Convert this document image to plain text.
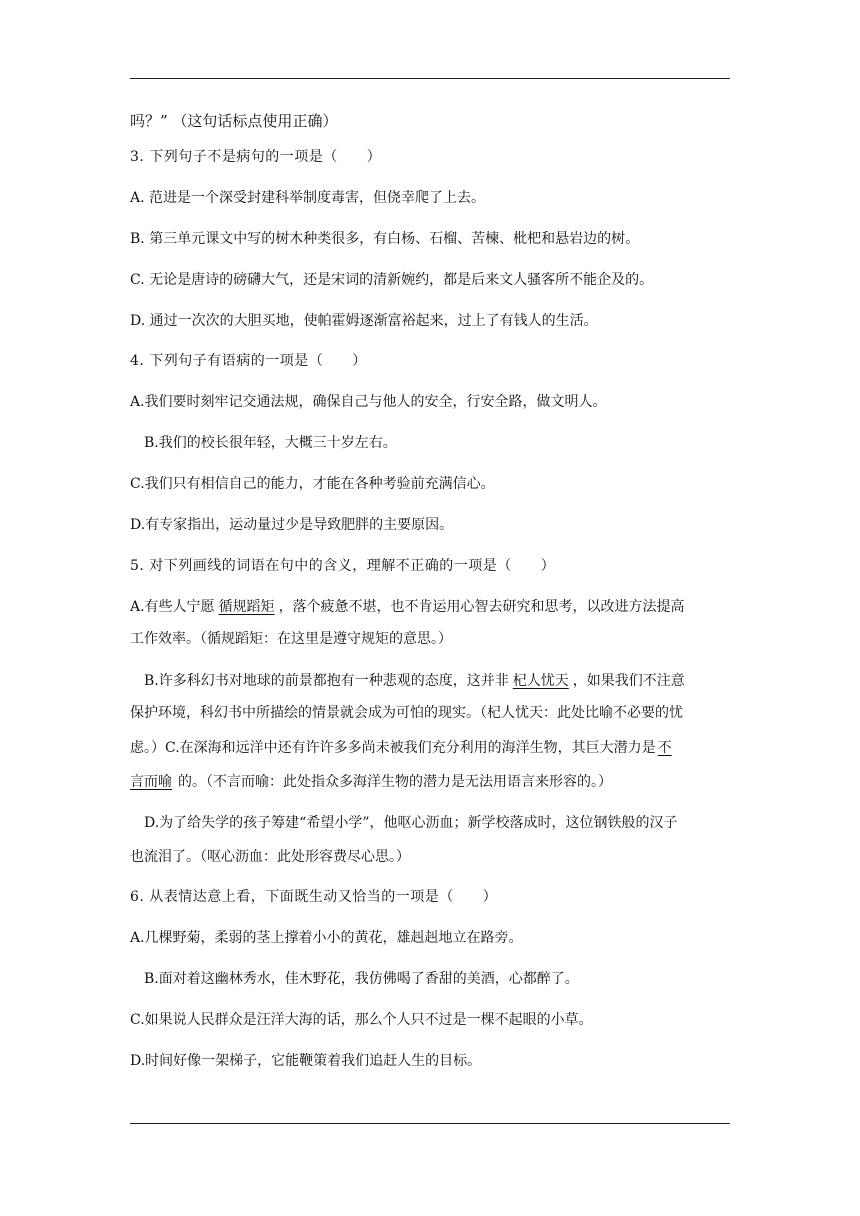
吗？” （这句话标点使用正确）
3. 下列句子不是病句的一项是（　　）
A. 范进是一个深受封建科举制度毒害，但侥幸爬了上去。
B. 第三单元课文中写的树木种类很多，有白杨、石榴、苦楝、枇杷和悬岩边的树。
C. 无论是唐诗的磅礴大气，还是宋词的清新婉约，都是后来文人骚客所不能企及的。
D. 通过一次次的大胆买地，使帕霍姆逐渐富裕起来，过上了有钱人的生活。
4. 下列句子有语病的一项是（　　）
A.我们要时刻牢记交通法规，确保自己与他人的安全，行安全路，做文明人。
B.我们的校长很年轻，大概三十岁左右。
C.我们只有相信自己的能力，才能在各种考验前充满信心。
D.有专家指出，运动量过少是导致肥胖的主要原因。
5. 对下列画线的词语在句中的含义，理解不正确的一项是（　　）
A.有些人宁愿 循规蹈矩 ，落个疲惫不堪，也不肯运用心智去研究和思考，以改进方法提高
工作效率。（循规蹈矩：在这里是遵守规矩的意思。）
B.许多科幻书对地球的前景都抱有一种悲观的态度，这并非 杞人忧天 ，如果我们不注意
保护环境，科幻书中所描绘的情景就会成为可怕的现实。（杞人忧天：此处比喻不必要的忧
虑。）C.在深海和远洋中还有许许多多尚未被我们充分利用的海洋生物，其巨大潜力是 不
言而喻 的。（不言而喻：此处指众多海洋生物的潜力是无法用语言来形容的。）
D.为了给失学的孩子筹建“希望小学”，他呕心沥血；新学校落成时，这位钢铁般的汉子
也流泪了。（呕心沥血：此处形容费尽心思。）
6. 从表情达意上看，下面既生动又恰当的一项是（　　）
A.几棵野菊，柔弱的茎上撑着小小的黄花，雄赳赳地立在路旁。
B.面对着这幽林秀水，佳木野花，我仿佛喝了香甜的美酒，心都醉了。
C.如果说人民群众是汪洋大海的话，那么个人只不过是一棵不起眼的小草。
D.时间好像一架梯子，它能鞭策着我们追赶人生的目标。
